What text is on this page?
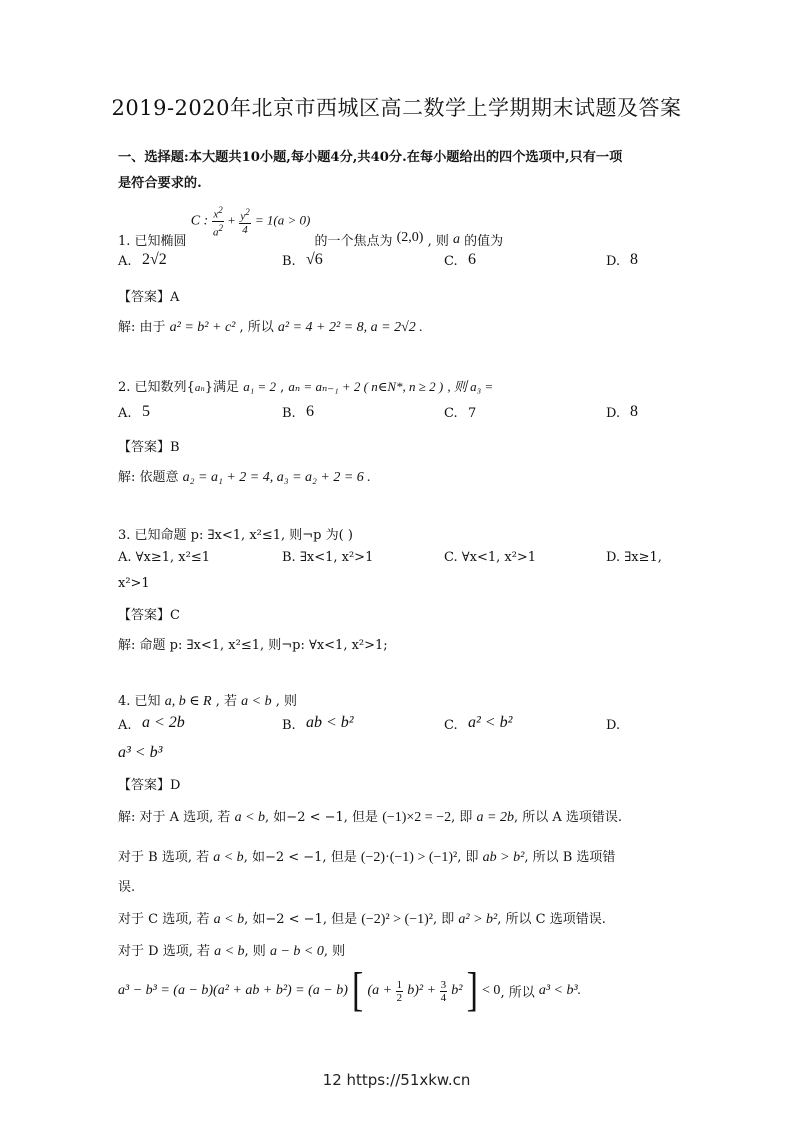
2019-2020年北京市西城区高二数学上学期期末试题及答案
一、选择题:本大题共10小题,每小题4分,共40分.在每小题给出的四个选项中,只有一项
是符合要求的.
1. 已知椭圆 C : $\frac{x^2}{a^2} + \frac{y^2}{4} = 1(a > 0)$ 的一个焦点为 (2,0) , 则 a 的值为
A. 2√2	B. √6	C. 6	D. 8
【答案】A
解: 由于 a² = b² + c² , 所以 a² = 4 + 2² = 8, a = 2√2 .
2. 已知数列{aₙ}满足 a₁ = 2 , aₙ = aₙ₋₁ + 2 ( n∈N*, n ≥ 2 ) , 则 a₃ =
A. 5	B. 6	C. 7	D. 8
【答案】B
解: 依题意 a₂ = a₁ + 2 = 4, a₃ = a₂ + 2 = 6 .
3. 已知命题 p: ∃x<1, x²≤1, 则¬p 为( )
A. ∀x≥1, x²≤1	B. ∃x<1, x²>1	C. ∀x<1, x²>1	D. ∃x≥1,
x²>1
【答案】C
解: 命题 p: ∃x<1, x²≤1, 则¬p: ∀x<1, x²>1;
4. 已知 a, b ∈ R , 若 a < b , 则
A. a < 2b	B. ab < b²	C. a² < b²	D.
a³ < b³
【答案】D
解: 对于 A 选项, 若 a < b, 如−2 < −1, 但是 (−1)×2 = −2, 即 a = 2b, 所以 A 选项错误.
对于 B 选项, 若 a < b, 如−2 < −1, 但是 (−2)·(−1) > (−1)², 即 ab > b², 所以 B 选项错
误.
对于 C 选项, 若 a < b, 如−2 < −1, 但是 (−2)² > (−1)², 即 a² > b², 所以 C 选项错误.
对于 D 选项, 若 a < b, 则 a − b < 0, 则
a³ − b³ = (a − b)(a² + ab + b²) = (a − b) [ $(a + \frac{1}{2} b)^2 + \frac{3}{4} b^2$ ] < 0, 所以 a³ < b³.
12 https://51xkw.cn
